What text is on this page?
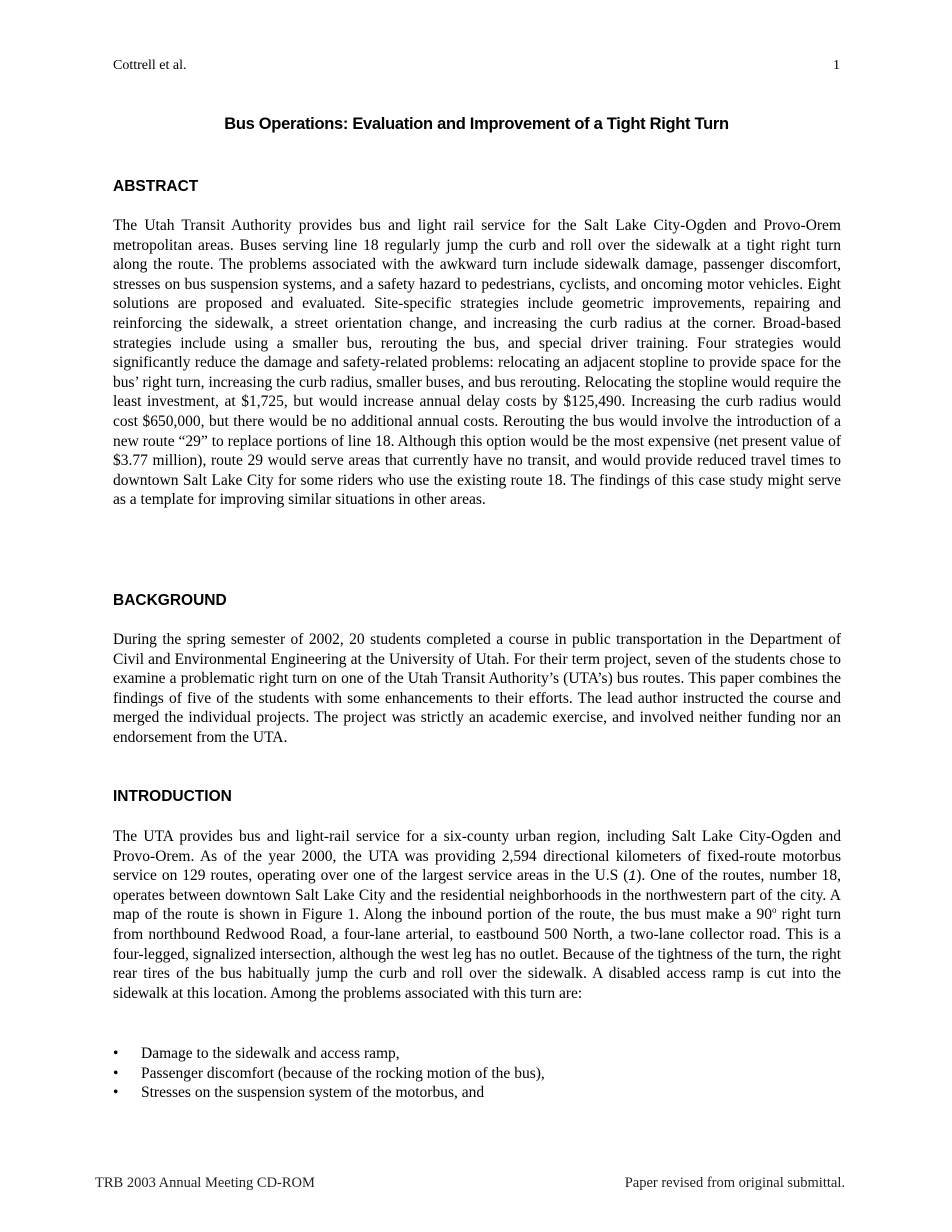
Cottrell et al.	1
Bus Operations: Evaluation and Improvement of a Tight Right Turn
ABSTRACT

The Utah Transit Authority provides bus and light rail service for the Salt Lake City-Ogden and Provo-Orem metropolitan areas. Buses serving line 18 regularly jump the curb and roll over the sidewalk at a tight right turn along the route. The problems associated with the awkward turn include sidewalk damage, passenger discomfort, stresses on bus suspension systems, and a safety hazard to pedestrians, cyclists, and oncoming motor vehicles. Eight solutions are proposed and evaluated. Site-specific strategies include geometric improvements, repairing and reinforcing the sidewalk, a street orientation change, and increasing the curb radius at the corner. Broad-based strategies include using a smaller bus, rerouting the bus, and special driver training. Four strategies would significantly reduce the damage and safety-related problems: relocating an adjacent stopline to provide space for the bus’ right turn, increasing the curb radius, smaller buses, and bus rerouting. Relocating the stopline would require the least investment, at $1,725, but would increase annual delay costs by $125,490. Increasing the curb radius would cost $650,000, but there would be no additional annual costs. Rerouting the bus would involve the introduction of a new route “29” to replace portions of line 18. Although this option would be the most expensive (net present value of $3.77 million), route 29 would serve areas that currently have no transit, and would provide reduced travel times to downtown Salt Lake City for some riders who use the existing route 18. The findings of this case study might serve as a template for improving similar situations in other areas.

BACKGROUND

During the spring semester of 2002, 20 students completed a course in public transportation in the Department of Civil and Environmental Engineering at the University of Utah. For their term project, seven of the students chose to examine a problematic right turn on one of the Utah Transit Authority’s (UTA’s) bus routes. This paper combines the findings of five of the students with some enhancements to their efforts. The lead author instructed the course and merged the individual projects. The project was strictly an academic exercise, and involved neither funding nor an endorsement from the UTA.

INTRODUCTION

The UTA provides bus and light-rail service for a six-county urban region, including Salt Lake City-Ogden and Provo-Orem. As of the year 2000, the UTA was providing 2,594 directional kilometers of fixed-route motorbus service on 129 routes, operating over one of the largest service areas in the U.S (1). One of the routes, number 18, operates between downtown Salt Lake City and the residential neighborhoods in the northwestern part of the city. A map of the route is shown in Figure 1. Along the inbound portion of the route, the bus must make a 90$^o$ right turn from northbound Redwood Road, a four-lane arterial, to eastbound 500 North, a two-lane collector road. This is a four-legged, signalized intersection, although the west leg has no outlet. Because of the tightness of the turn, the right rear tires of the bus habitually jump the curb and roll over the sidewalk. A disabled access ramp is cut into the sidewalk at this location. Among the problems associated with this turn are:

• Damage to the sidewalk and access ramp,
• Passenger discomfort (because of the rocking motion of the bus),
• Stresses on the suspension system of the motorbus, and
TRB 2003 Annual Meeting CD-ROM	Paper revised from original submittal.
